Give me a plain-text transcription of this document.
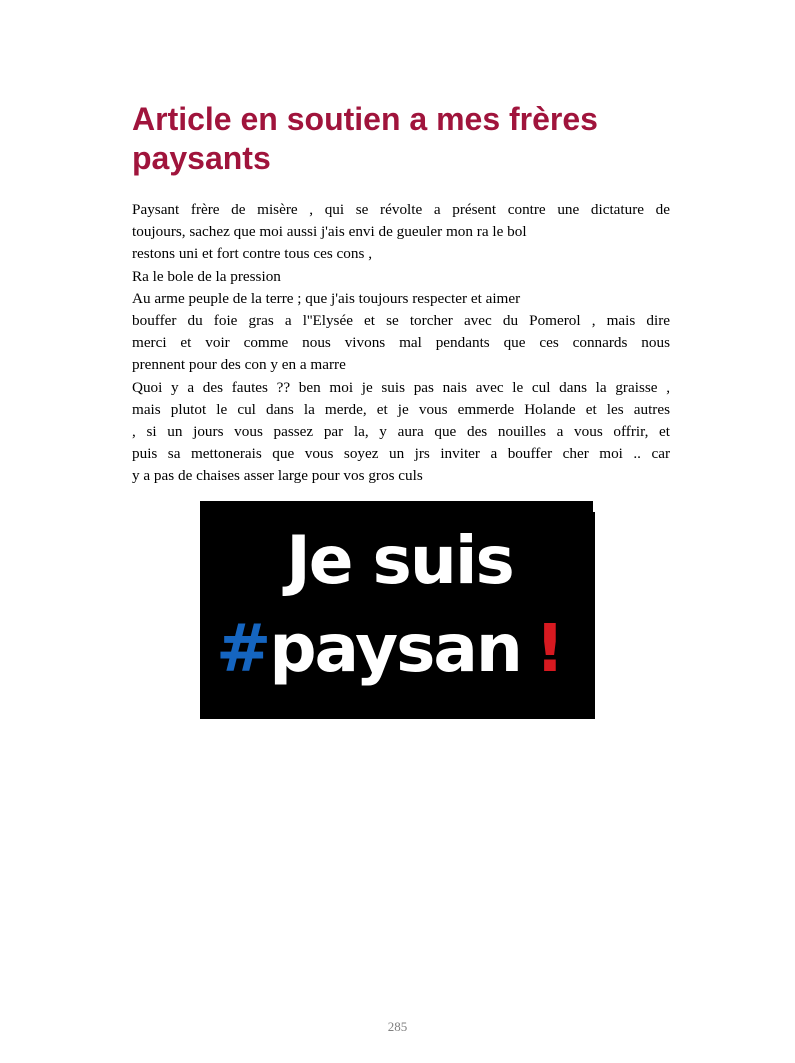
Article en soutien a mes frères paysants
Paysant frère de misère , qui se révolte a présent contre une dictature de
toujours, sachez que moi aussi j'ais envi de gueuler mon ra le bol
restons uni et fort contre tous ces cons ,
Ra le bole de la pression
Au arme peuple de la terre ; que j'ais toujours respecter et aimer
bouffer du foie gras a l''Elysée et se torcher avec du Pomerol , mais dire
merci et voir comme nous vivons mal pendants que ces connards nous
prennent pour des con y en a marre
Quoi y a des fautes ?? ben moi je suis pas nais avec le cul dans la graisse ,
mais plutot le cul dans la merde, et je vous emmerde Holande et les autres
, si un jours vous passez par la, y aura que des nouilles a vous offrir, et
puis sa mettonerais que vous soyez un jrs inviter a bouffer cher moi .. car
y a pas de chaises asser large pour vos gros culs
Je suis
#paysan !
285
